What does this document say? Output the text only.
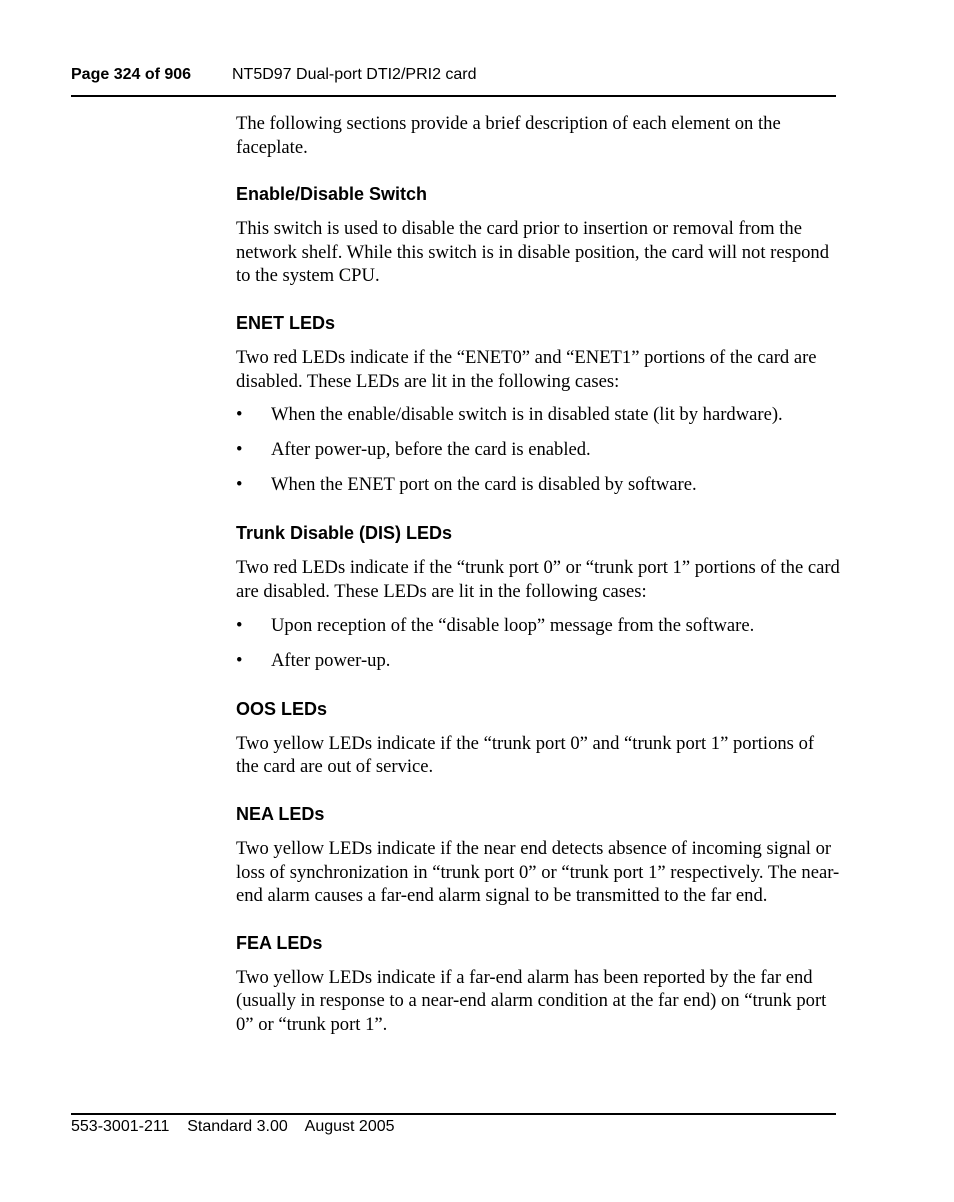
Page 324 of 906	NT5D97 Dual-port DTI2/PRI2 card

The following sections provide a brief description of each element on the faceplate.

Enable/Disable Switch

This switch is used to disable the card prior to insertion or removal from the network shelf. While this switch is in disable position, the card will not respond to the system CPU.

ENET LEDs

Two red LEDs indicate if the “ENET0” and “ENET1” portions of the card are disabled. These LEDs are lit in the following cases:

• When the enable/disable switch is in disabled state (lit by hardware).
• After power-up, before the card is enabled.
• When the ENET port on the card is disabled by software.
Trunk Disable (DIS) LEDs

Two red LEDs indicate if the “trunk port 0” or “trunk port 1” portions of the card are disabled. These LEDs are lit in the following cases:

• Upon reception of the “disable loop” message from the software.
• After power-up.
OOS LEDs

Two yellow LEDs indicate if the “trunk port 0” and “trunk port 1” portions of the card are out of service.

NEA LEDs

Two yellow LEDs indicate if the near end detects absence of incoming signal or loss of synchronization in “trunk port 0” or “trunk port 1” respectively. The near-end alarm causes a far-end alarm signal to be transmitted to the far end.

FEA LEDs

Two yellow LEDs indicate if a far-end alarm has been reported by the far end (usually in response to a near-end alarm condition at the far end) on “trunk port 0” or “trunk port 1”.

553-3001-211 Standard 3.00 August 2005
